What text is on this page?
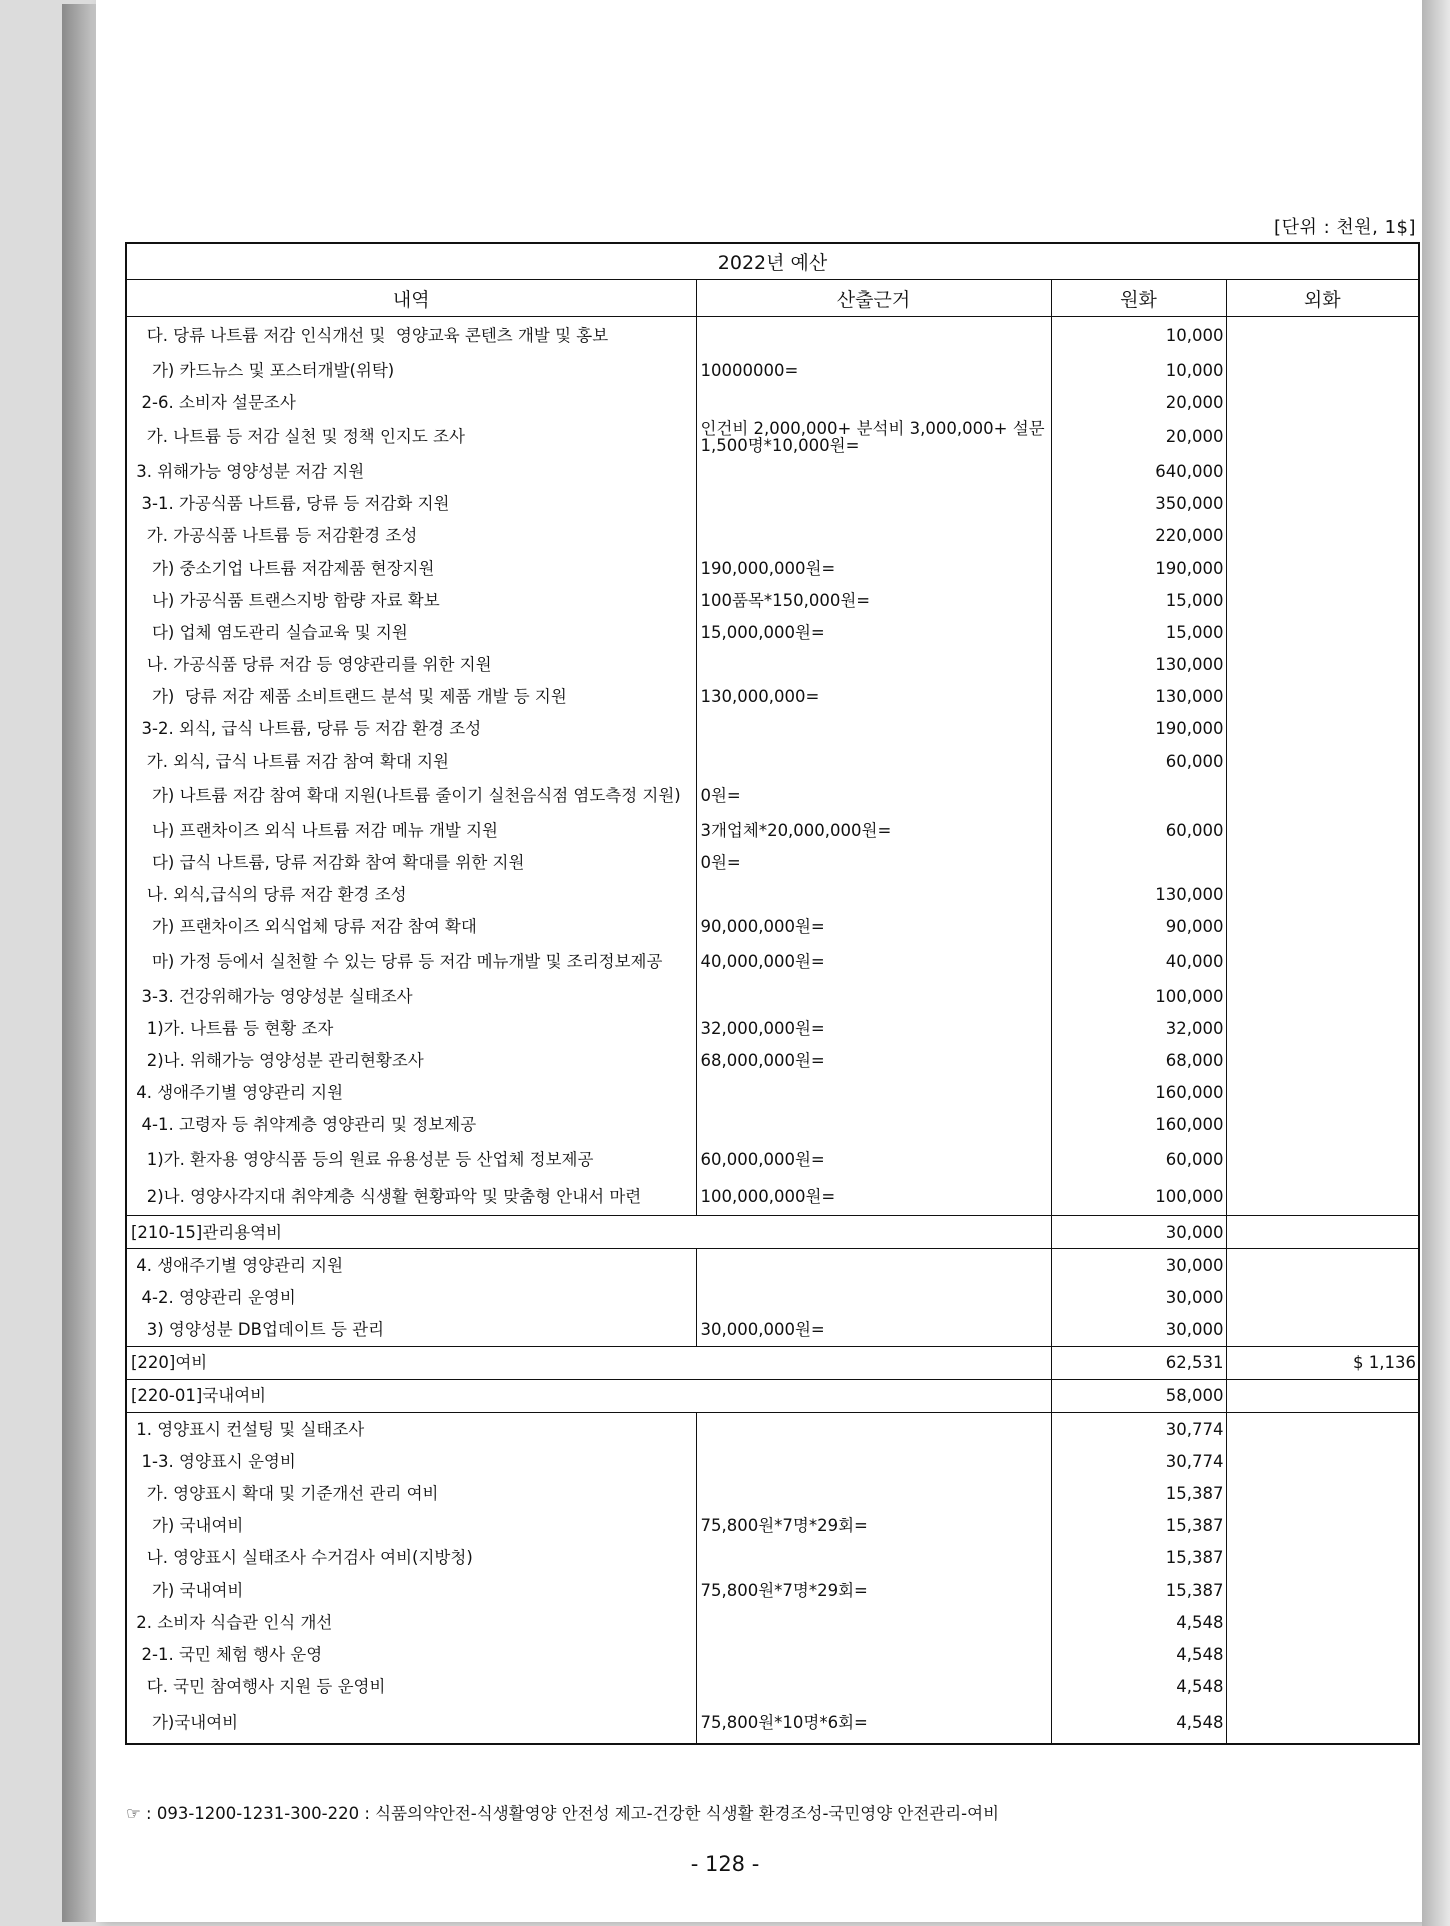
[단위 : 천원, 1$]
2022년 예산			
내역	산출근거	원화	외화
다. 당류 나트륨 저감 인식개선 및  영양교육 콘텐츠 개발 및 홍보		10,000	
가) 카드뉴스 및 포스터개발(위탁)	10000000=	10,000	
2-6. 소비자 설문조사		20,000	
가. 나트륨 등 저감 실천 및 정책 인지도 조사	인건비 2,000,000+ 분석비 3,000,000+ 설문 1,500명*10,000원=	20,000	
3. 위해가능 영양성분 저감 지원		640,000	
3-1. 가공식품 나트륨, 당류 등 저감화 지원		350,000	
가. 가공식품 나트륨 등 저감환경 조성		220,000	
가) 중소기업 나트륨 저감제품 현장지원	190,000,000원=	190,000	
나) 가공식품 트랜스지방 함량 자료 확보	100품목*150,000원=	15,000	
다) 업체 염도관리 실습교육 및 지원	15,000,000원=	15,000	
나. 가공식품 당류 저감 등 영양관리를 위한 지원		130,000	
가)  당류 저감 제품 소비트랜드 분석 및 제품 개발 등 지원	130,000,000=	130,000	
3-2. 외식, 급식 나트륨, 당류 등 저감 환경 조성		190,000	
가. 외식, 급식 나트륨 저감 참여 확대 지원		60,000	
가) 나트륨 저감 참여 확대 지원(나트륨 줄이기 실천음식점 염도측정 지원)	0원=		
나) 프랜차이즈 외식 나트륨 저감 메뉴 개발 지원	3개업체*20,000,000원=	60,000	
다) 급식 나트륨, 당류 저감화 참여 확대를 위한 지원	0원=		
나. 외식,급식의 당류 저감 환경 조성		130,000	
가) 프랜차이즈 외식업체 당류 저감 참여 확대	90,000,000원=	90,000	
마) 가정 등에서 실천할 수 있는 당류 등 저감 메뉴개발 및 조리정보제공	40,000,000원=	40,000	
3-3. 건강위해가능 영양성분 실태조사		100,000	
1)가. 나트륨 등 현황 조자	32,000,000원=	32,000	
2)나. 위해가능 영양성분 관리현황조사	68,000,000원=	68,000	
4. 생애주기별 영양관리 지원		160,000	
4-1. 고령자 등 취약계층 영양관리 및 정보제공		160,000	
1)가. 환자용 영양식품 등의 원료 유용성분 등 산업체 정보제공	60,000,000원=	60,000	
2)나. 영양사각지대 취약계층 식생활 현황파악 및 맞춤형 안내서 마련	100,000,000원=	100,000	
[210-15]관리용역비		30,000	
4. 생애주기별 영양관리 지원		30,000	
4-2. 영양관리 운영비		30,000	
3) 영양성분 DB업데이트 등 관리	30,000,000원=	30,000	
[220]여비		62,531	$ 1,136
[220-01]국내여비		58,000	
1. 영양표시 컨설팅 및 실태조사		30,774	
1-3. 영양표시 운영비		30,774	
가. 영양표시 확대 및 기준개선 관리 여비		15,387	
가) 국내여비	75,800원*7명*29회=	15,387	
나. 영양표시 실태조사 수거검사 여비(지방청)		15,387	
가) 국내여비	75,800원*7명*29회=	15,387	
2. 소비자 식습관 인식 개선		4,548	
2-1. 국민 체험 행사 운영		4,548	
다. 국민 참여행사 지원 등 운영비		4,548	
가)국내여비	75,800원*10명*6회=	4,548	
☞ : 093-1200-1231-300-220 : 식품의약안전-식생활영양 안전성 제고-건강한 식생활 환경조성-국민영양 안전관리-여비
- 128 -
